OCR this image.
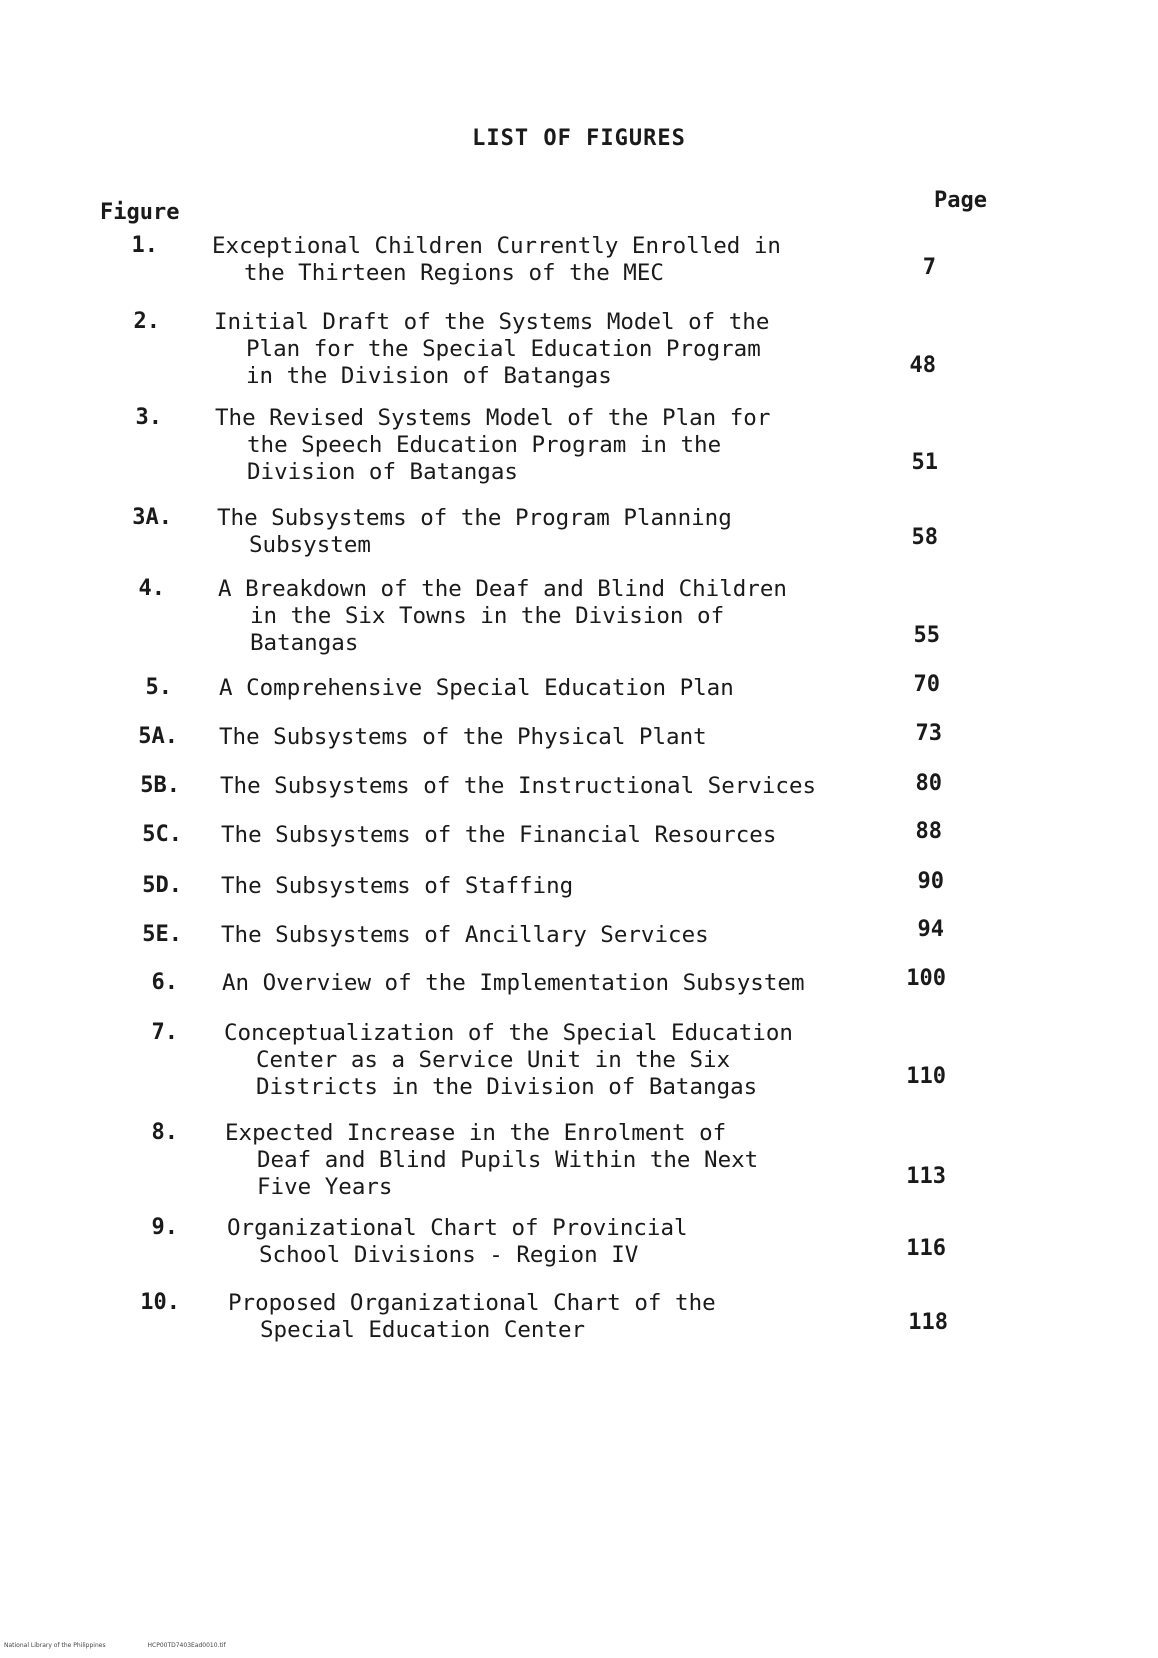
LIST OF FIGURES
Figure	Page
1. Exceptional Children Currently Enrolled in
the Thirteen Regions of the MEC	7
2. Initial Draft of the Systems Model of the
Plan for the Special Education Program
in the Division of Batangas	48
3. The Revised Systems Model of the Plan for
the Speech Education Program in the
Division of Batangas	51
3A. The Subsystems of the Program Planning
Subsystem	58
4. A Breakdown of the Deaf and Blind Children
in the Six Towns in the Division of
Batangas	55
5. A Comprehensive Special Education Plan	70
5A. The Subsystems of the Physical Plant	73
5B. The Subsystems of the Instructional Services	80
5C. The Subsystems of the Financial Resources	88
5D. The Subsystems of Staffing	90
5E. The Subsystems of Ancillary Services	94
6. An Overview of the Implementation Subsystem	100
7. Conceptualization of the Special Education
Center as a Service Unit in the Six
Districts in the Division of Batangas	110
8. Expected Increase in the Enrolment of
Deaf and Blind Pupils Within the Next
Five Years	113
9. Organizational Chart of Provincial
School Divisions - Region IV	116
10. Proposed Organizational Chart of the
Special Education Center	118
National Library of the Philippines	HCP00TD7403Ead0010.tif
